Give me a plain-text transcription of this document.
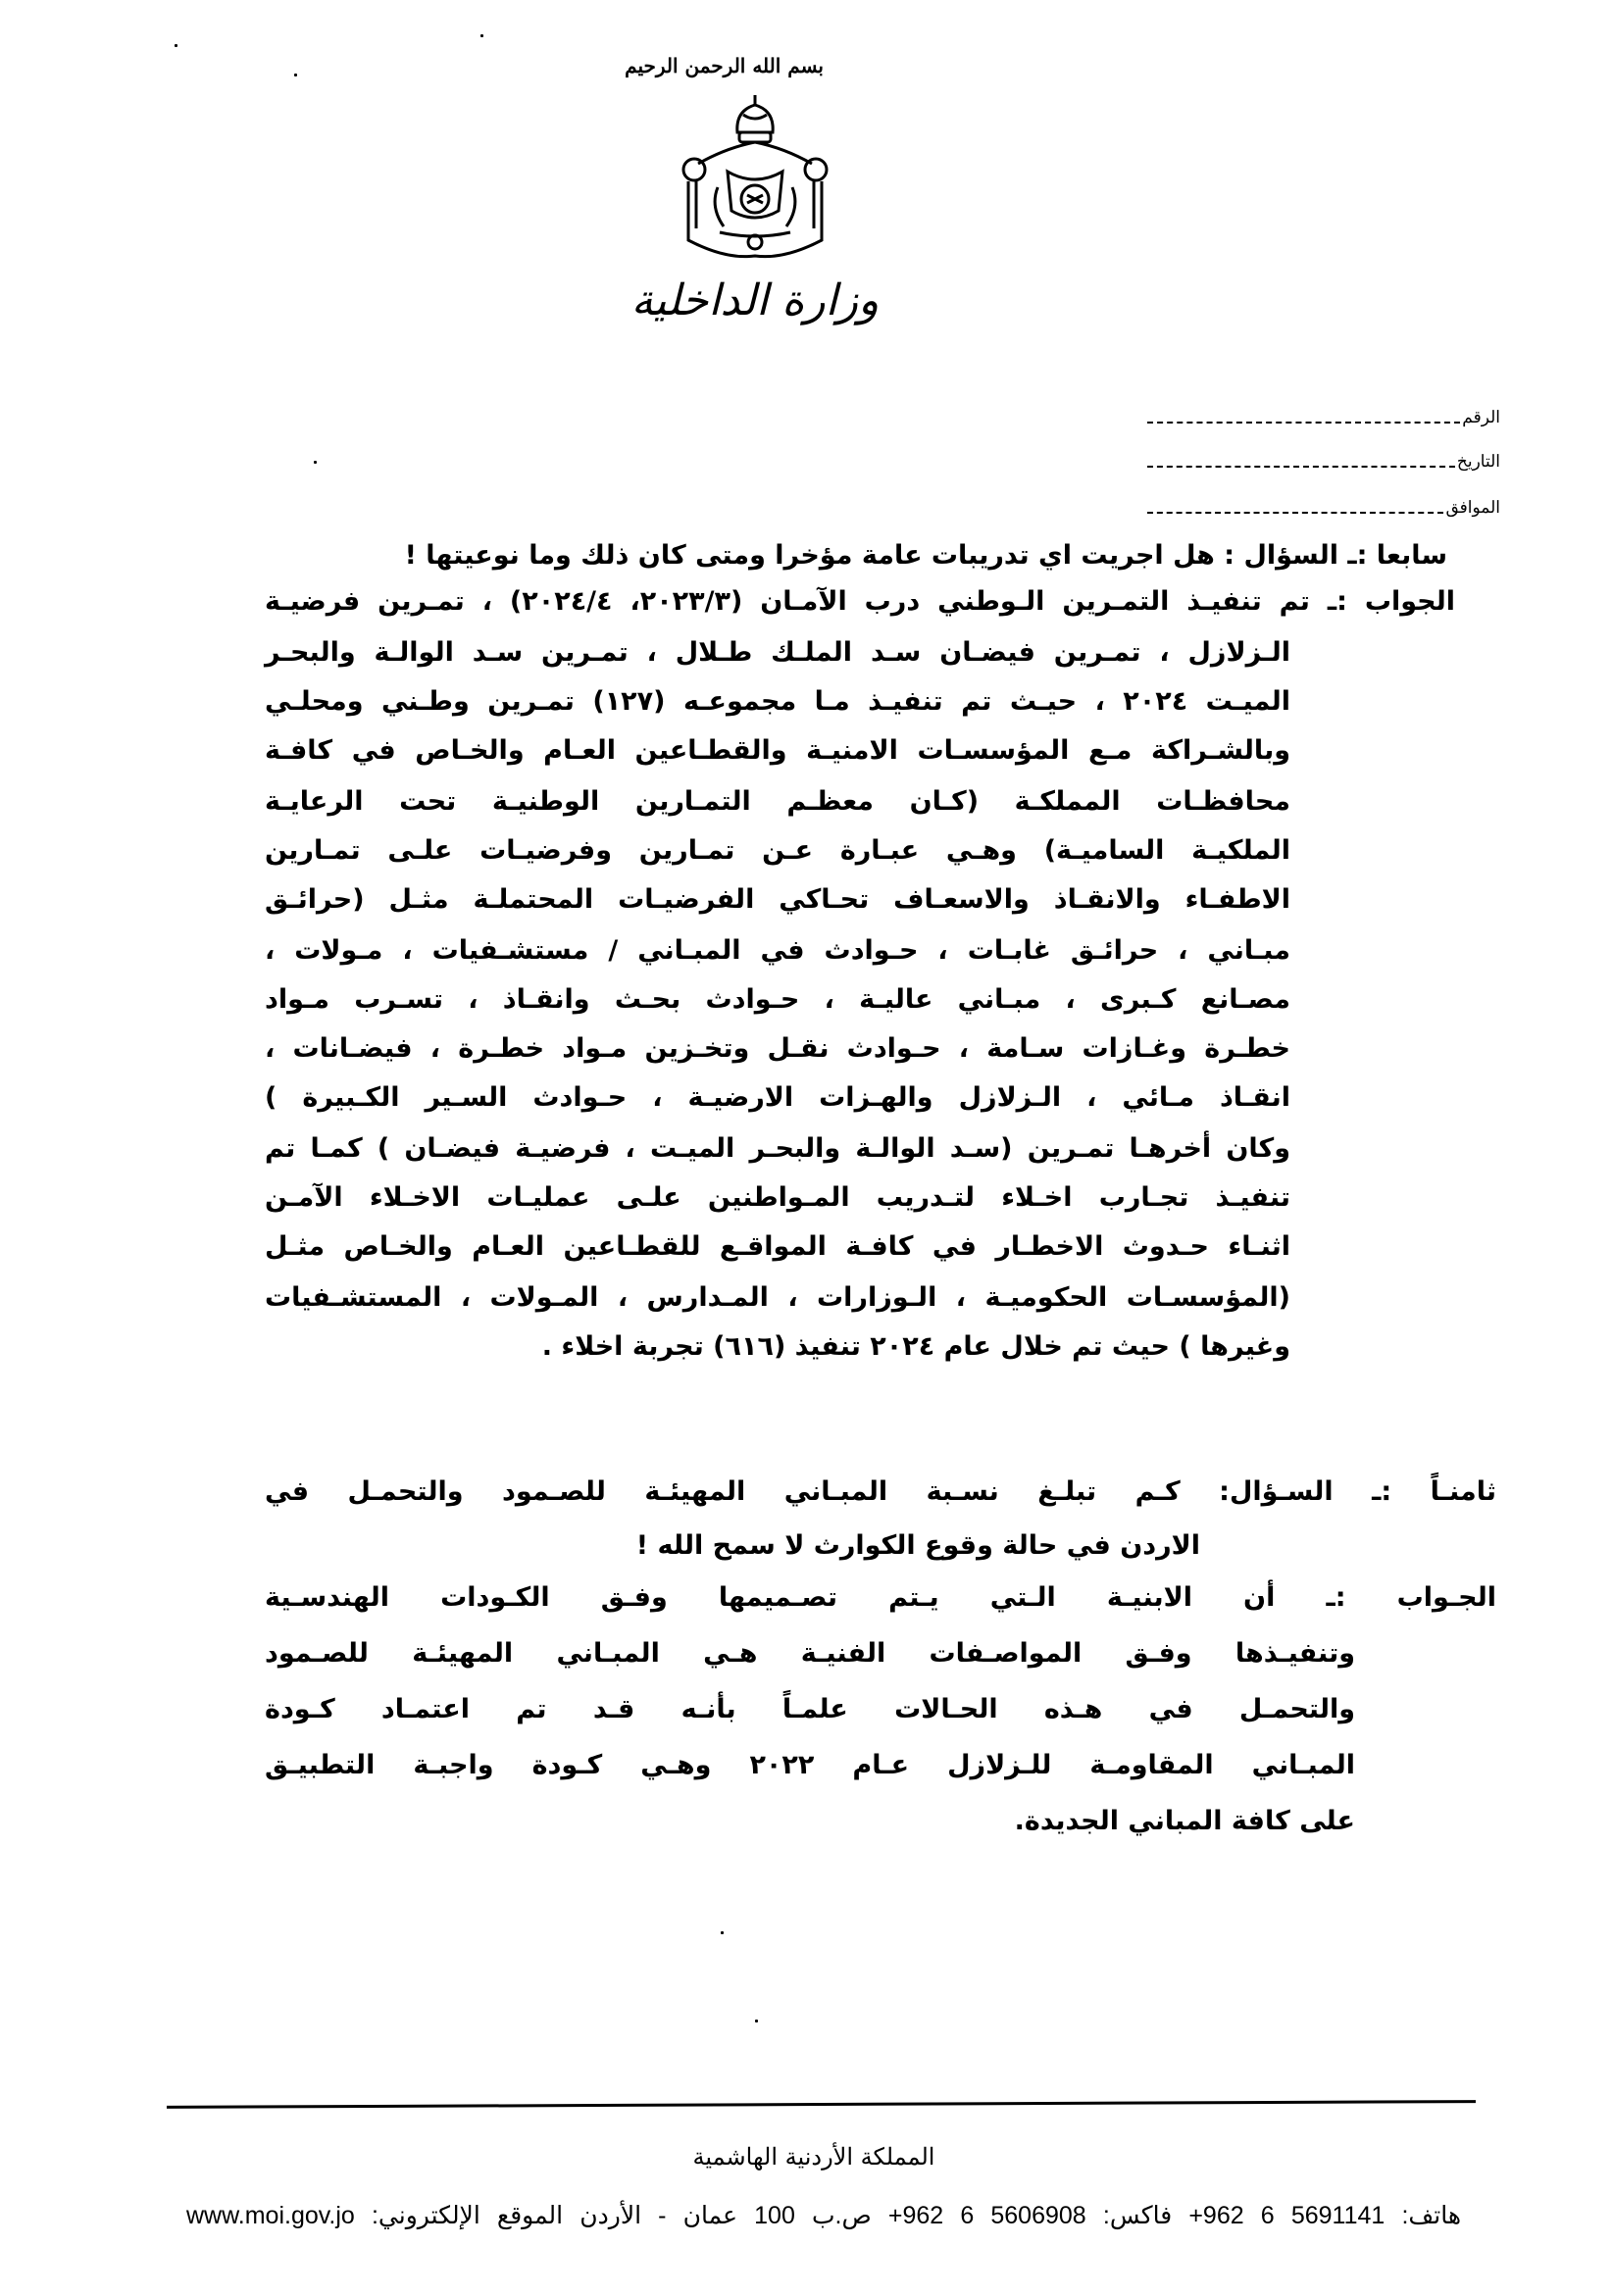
بسم الله الرحمن الرحيم
وزارة الداخلية
الرقم
التاريخ
الموافق
سابعا :ـ السؤال : هل اجريت اي تدريبات عامة مؤخرا ومتى كان ذلك وما نوعيتها !
الجواب :ـ تم تنفيـذ التمـرين الـوطني درب الآمـان (٢٠٢٣/٣، ٢٠٢٤/٤) ، تمـرين فرضيـة
الـزلازل ، تمـرين فيضـان سـد الملـك طـلال ، تمـرين سـد الوالـة والبحـر
الميـت ٢٠٢٤ ، حيـث تم تنفيـذ مـا مجموعـه (١٢٧) تمـرين وطـني ومحلـي
وبالشـراكة مـع المؤسسـات الامنيـة والقطـاعين العـام والخـاص في كافـة
محافظـات المملكـة (كـان معظـم التمـارين الوطنيـة تحت الرعايـة
الملكيـة الساميـة) وهـي عبـارة عـن تمـارين وفرضيـات علـى تمـارين
الاطفـاء والانقـاذ والاسعـاف تحـاكي الفرضيـات المحتملـة مثـل (حرائـق
مبـاني ، حرائـق غابـات ، حـوادث في المبـاني / مستشـفيات ، مـولات ،
مصـانع كـبرى ، مبـاني عاليـة ، حـوادث بحـث وانقـاذ ، تسـرب مـواد
خطـرة وغـازات سـامة ، حـوادث نقـل وتخـزين مـواد خطـرة ، فيضـانات ،
انقـاذ مـائي ، الـزلازل والهـزات الارضيـة ، حـوادث السـير الكـبيرة )
وكان أخرهـا تمـرين (سـد الوالـة والبحـر الميـت ، فرضيـة فيضـان ) كمـا تم
تنفيـذ تجـارب اخـلاء لتـدريب المـواطنين علـى عمليـات الاخـلاء الآمـن
اثنـاء حـدوث الاخطـار في كافـة المواقـع للقطـاعين العـام والخـاص مثـل
(المؤسسـات الحكوميـة ، الـوزارات ، المـدارس ، المـولات ، المستشـفيات
وغيرها ) حيث تم خلال عام ٢٠٢٤ تنفيذ (٦١٦) تجربة اخلاء .
ثامنـاً :ـ السـؤال: كـم تبلـغ نسـبة المبـاني المهيئـة للصـمود والتحمـل في
الاردن في حالة وقوع الكوارث لا سمح الله !
الجـواب :ـ أن الابنيـة الـتي يـتم تصـميمها وفـق الكـودات الهندسـية
وتنفيـذها وفـق المواصـفات الفنيـة هـي المبـاني المهيئـة للصـمود
والتحمـل في هـذه الحـالات علمـاً بأنـه قـد تم اعتمـاد كـودة
المبـاني المقاومـة للـزلازل عـام ٢٠٢٢ وهـي كـودة واجبـة التطبيـق
على كافة المباني الجديدة.
المملكة الأردنية الهاشمية
هاتف: +962 6 5691141 فاكس: +962 6 5606908 ص.ب 100 عمان - الأردن الموقع الإلكتروني: www.moi.gov.jo
